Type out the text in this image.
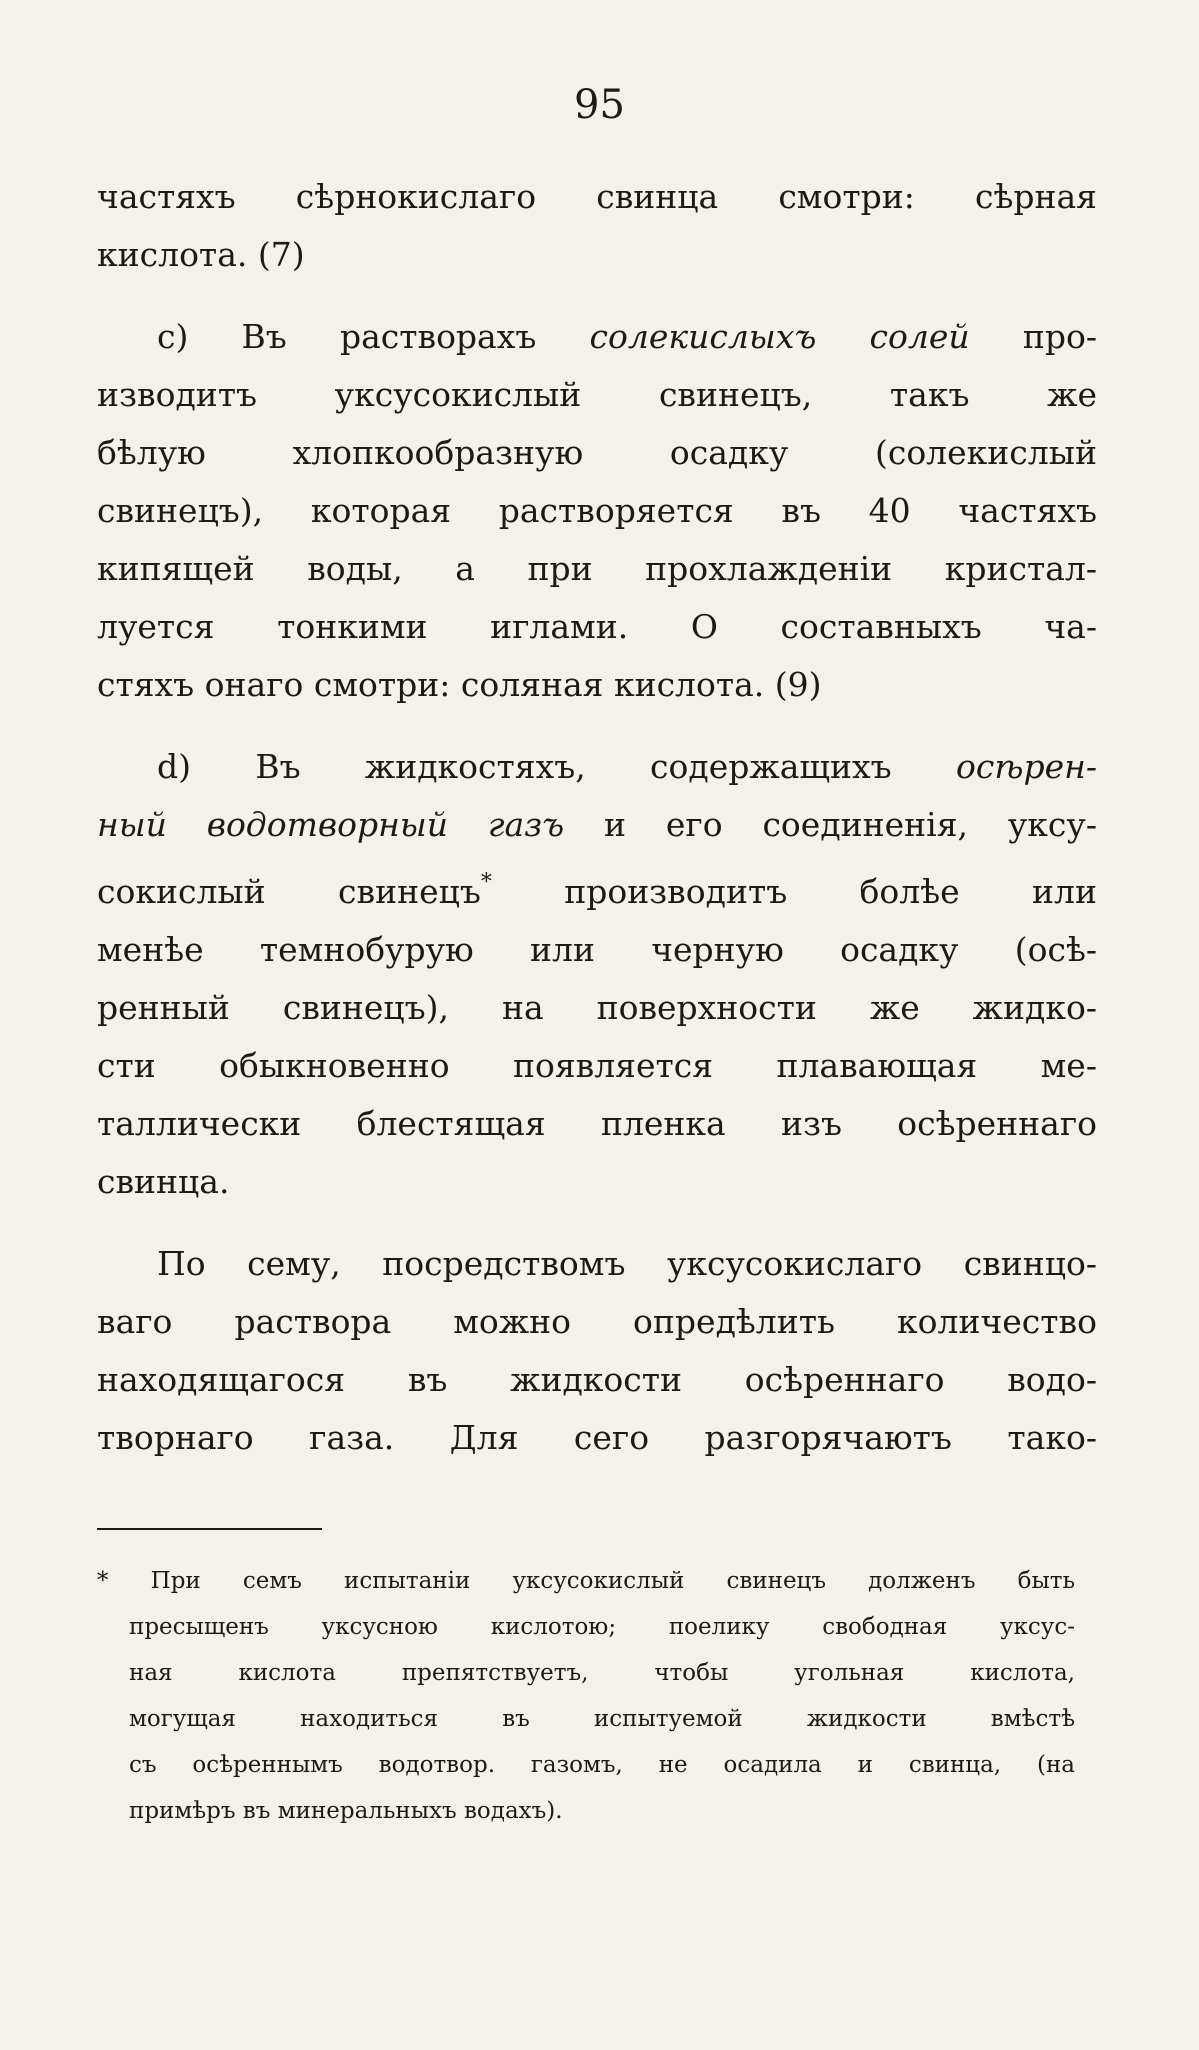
95
частяхъ сѣрнокислаго свинца смотри: сѣрная
кислота. (7)
c) Въ растворахъ солекислыхъ солей про-
изводитъ уксусокислый свинецъ, такъ же
бѣлую хлопкообразную осадку (солекислый
свинецъ), которая растворяется въ 40 частяхъ
кипящей воды, а при прохлажденiи кристал-
луется тонкими иглами. О составныхъ ча-
стяхъ онаго смотри: соляная кислота. (9)
d) Въ жидкостяхъ, содержащихъ осѣрен-
ный водотворный газъ и его соединенiя, уксу-
сокислый свинецъ* производитъ болѣе или
менѣе темнобурую или черную осадку (осѣ-
ренный свинецъ), на поверхности же жидко-
сти обыкновенно появляется плавающая ме-
таллически блестящая пленка изъ осѣреннаго
свинца.
По сему, посредствомъ уксусокислаго свинцо-
ваго раствора можно опредѣлить количество
находящагося въ жидкости осѣреннаго водо-
творнаго газа. Для сего разгорячаютъ тако-
* При семъ испытанiи уксусокислый свинецъ долженъ быть
пресыщенъ уксусною кислотою; поелику свободная уксус-
ная кислота препятствуетъ, чтобы угольная кислота,
могущая находиться въ испытуемой жидкости вмѣстѣ
съ осѣреннымъ водотвор. газомъ, не осадила и свинца, (на
примѣръ въ минеральныхъ водахъ).
